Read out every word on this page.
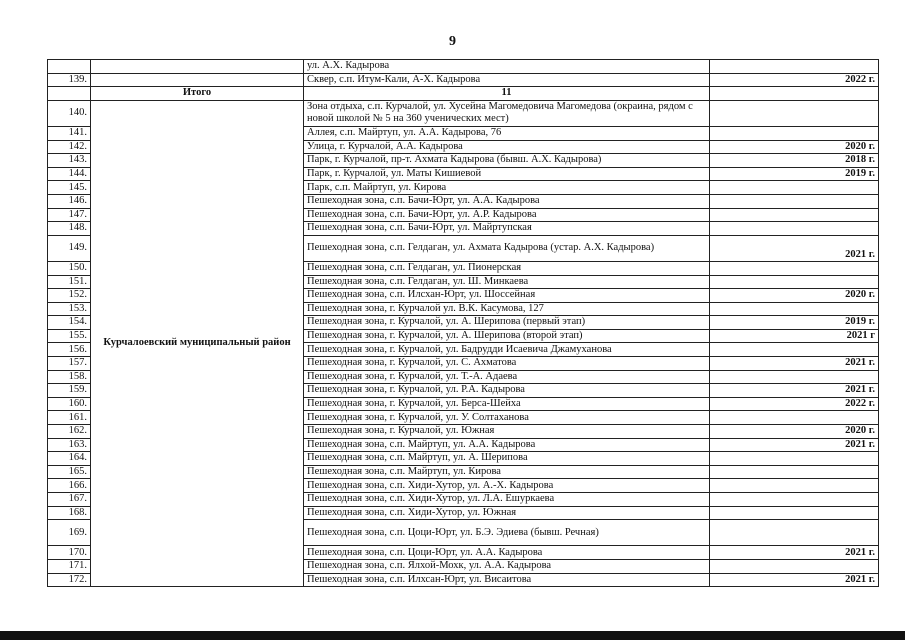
9
		ул. А.Х. Кадырова	
139.		Сквер, с.п. Итум-Кали, А-Х. Кадырова	2022 г.
	Итого	11	
140.	Курчалоевский муниципальный район	Зона отдыха, с.п. Курчалой, ул. Хусейна Магомедовича Магомедова (окраина, рядом с новой школой № 5 на 360 ученических мест)	
141.		Аллея, с.п. Майртуп, ул. А.А. Кадырова, 76	
142.		Улица, г. Курчалой, А.А. Кадырова	2020 г.
143.		Парк, г. Курчалой, пр-т. Ахмата Кадырова (бывш. А.Х. Кадырова)	2018 г.
144.		Парк, г. Курчалой, ул. Маты Кишиевой	2019 г.
145.		Парк, с.п. Майртуп, ул. Кирова	
146.		Пешеходная зона, с.п. Бачи-Юрт, ул. А.А. Кадырова	
147.		Пешеходная зона, с.п. Бачи-Юрт, ул. А.Р. Кадырова	
148.		Пешеходная зона, с.п. Бачи-Юрт, ул. Майртупская	
149.		Пешеходная зона, с.п. Гелдаган, ул. Ахмата Кадырова (устар. А.Х. Кадырова)	2021 г.
150.		Пешеходная зона, с.п. Гелдаган, ул. Пионерская	
151.		Пешеходная зона, с.п. Гелдаган, ул. Ш. Минкаева	
152.		Пешеходная зона, с.п. Илсхан-Юрт, ул. Шоссейная	2020 г.
153.		Пешеходная зона, г. Курчалой ул. В.К. Касумова, 127	
154.		Пешеходная зона, г. Курчалой, ул. А. Шерипова (первый этап)	2019 г.
155.		Пешеходная зона, г. Курчалой, ул. А. Шерипова (второй этап)	2021 г
156.		Пешеходная зона, г. Курчалой, ул. Бадрудди Исаевича Джамуханова	
157.		Пешеходная зона, г. Курчалой, ул. С. Ахматова	2021 г.
158.		Пешеходная зона, г. Курчалой, ул. Т.-А. Адаева	
159.		Пешеходная зона, г. Курчалой, ул. Р.А. Кадырова	2021 г.
160.		Пешеходная зона, г. Курчалой, ул. Берса-Шейха	2022 г.
161.		Пешеходная зона, г. Курчалой, ул. У. Солтаханова	
162.		Пешеходная зона, г. Курчалой, ул. Южная	2020 г.
163.		Пешеходная зона, с.п. Майртуп, ул. А.А. Кадырова	2021 г.
164.		Пешеходная зона, с.п. Майртуп, ул. А. Шерипова	
165.		Пешеходная зона, с.п. Майртуп, ул. Кирова	
166.		Пешеходная зона, с.п. Хиди-Хутор, ул. А.-Х. Кадырова	
167.		Пешеходная зона, с.п. Хиди-Хутор, ул. Л.А. Ешуркаева	
168.		Пешеходная зона, с.п. Хиди-Хутор, ул. Южная	
169.		Пешеходная зона, с.п. Цоци-Юрт, ул. Б.Э. Эдиева (бывш. Речная)	
170.		Пешеходная зона, с.п. Цоци-Юрт, ул. А.А. Кадырова	2021 г.
171.		Пешеходная зона, с.п. Ялхой-Мохк, ул. А.А. Кадырова	
172.		Пешеходная зона, с.п. Илхсан-Юрт, ул. Висаитова	2021 г.
